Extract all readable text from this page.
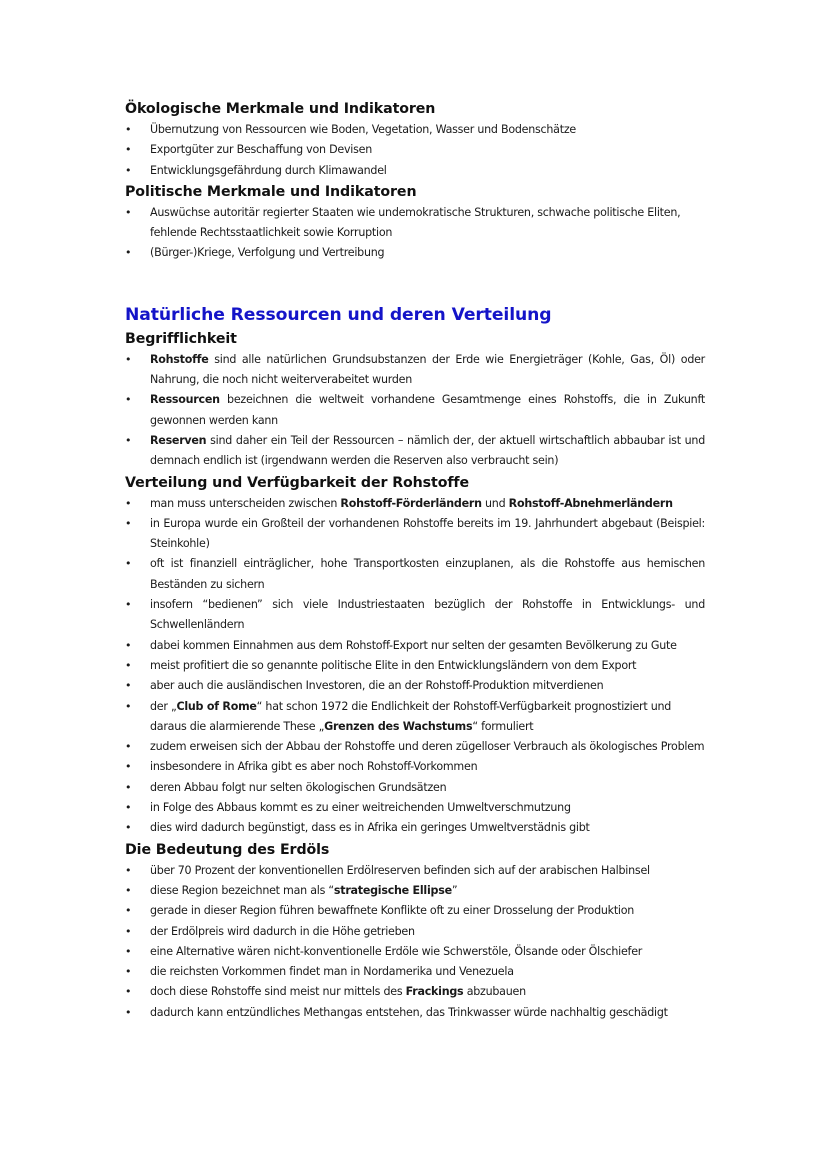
Ökologische Merkmale und Indikatoren
• Übernutzung von Ressourcen wie Boden, Vegetation, Wasser und Bodenschätze
• Exportgüter zur Beschaffung von Devisen
• Entwicklungsgefährdung durch Klimawandel
Politische Merkmale und Indikatoren
• Auswüchse autoritär regierter Staaten wie undemokratische Strukturen, schwache politische Eliten, fehlende Rechtsstaatlichkeit sowie Korruption
• (Bürger-)Kriege, Verfolgung und Vertreibung
Natürliche Ressourcen und deren Verteilung
Begrifflichkeit
• Rohstoffe sind alle natürlichen Grundsubstanzen der Erde wie Energieträger (Kohle, Gas, Öl) oder Nahrung, die noch nicht weiterverabeitet wurden
• Ressourcen bezeichnen die weltweit vorhandene Gesamtmenge eines Rohstoffs, die in Zukunft gewonnen werden kann
• Reserven sind daher ein Teil der Ressourcen – nämlich der, der aktuell wirtschaftlich abbaubar ist und demnach endlich ist (irgendwann werden die Reserven also verbraucht sein)
Verteilung und Verfügbarkeit der Rohstoffe
• man muss unterscheiden zwischen Rohstoff-Förderländern und Rohstoff-Abnehmerländern
• in Europa wurde ein Großteil der vorhandenen Rohstoffe bereits im 19. Jahrhundert abgebaut (Beispiel: Steinkohle)
• oft ist finanziell einträglicher, hohe Transportkosten einzuplanen, als die Rohstoffe aus hemischen Beständen zu sichern
• insofern “bedienen” sich viele Industriestaaten bezüglich der Rohstoffe in Entwicklungs- und Schwellenländern
• dabei kommen Einnahmen aus dem Rohstoff-Export nur selten der gesamten Bevölkerung zu Gute
• meist profitiert die so genannte politische Elite in den Entwicklungsländern von dem Export
• aber auch die ausländischen Investoren, die an der Rohstoff-Produktion mitverdienen
• der „Club of Rome“ hat schon 1972 die Endlichkeit der Rohstoff-Verfügbarkeit prognostiziert und daraus die alarmierende These „Grenzen des Wachstums“ formuliert
• zudem erweisen sich der Abbau der Rohstoffe und deren zügelloser Verbrauch als ökologisches Problem
• insbesondere in Afrika gibt es aber noch Rohstoff-Vorkommen
• deren Abbau folgt nur selten ökologischen Grundsätzen
• in Folge des Abbaus kommt es zu einer weitreichenden Umweltverschmutzung
• dies wird dadurch begünstigt, dass es in Afrika ein geringes Umweltverstädnis gibt
Die Bedeutung des Erdöls
• über 70 Prozent der konventionellen Erdölreserven befinden sich auf der arabischen Halbinsel
• diese Region bezeichnet man als “strategische Ellipse”
• gerade in dieser Region führen bewaffnete Konflikte oft zu einer Drosselung der Produktion
• der Erdölpreis wird dadurch in die Höhe getrieben
• eine Alternative wären nicht-konventionelle Erdöle wie Schwerstöle, Ölsande oder Ölschiefer
• die reichsten Vorkommen findet man in Nordamerika und Venezuela
• doch diese Rohstoffe sind meist nur mittels des Frackings abzubauen
• dadurch kann entzündliches Methangas entstehen, das Trinkwasser würde nachhaltig geschädigt
